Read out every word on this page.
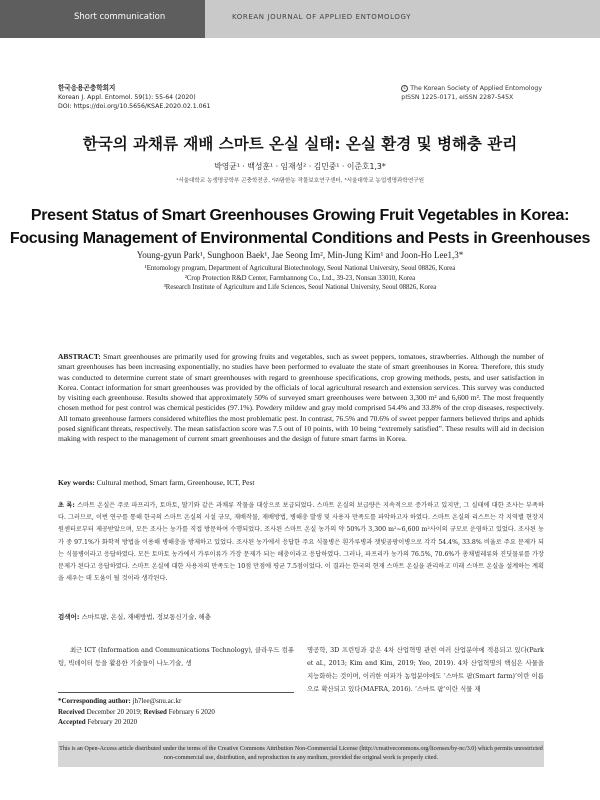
Short communication	KOREAN JOURNAL OF APPLIED ENTOMOLOGY
한국응용곤충학회지
Korean J. Appl. Entomol. 59(1): 55-64 (2020)
DOI: https://doi.org/10.5656/KSAE.2020.02.1.061
c The Korean Society of Applied Entomology
pISSN 1225-0171, eISSN 2287-545X
한국의 과채류 재배 스마트 온실 실태: 온실 환경 및 병해충 관리
박영균¹ · 백성훈¹ · 임재성² · 김민중¹ · 이준호1,3*
¹서울대학교 농생명공학부 곤충학전공, ²㈜팜한농 작물보호연구센터, ³서울대학교 농업생명과학연구원
Present Status of Smart Greenhouses Growing Fruit Vegetables in Korea:
Focusing Management of Environmental Conditions and Pests in Greenhouses
Young-gyun Park¹, Sunghoon Baek¹, Jae Seong Im², Min-Jung Kim¹ and Joon-Ho Lee1,3*
¹Entomology program, Department of Agricultural Biotechnology, Seoul National University, Seoul 08826, Korea
²Crop Protection R&D Center, Farmhannong Co., Ltd., 39-23, Nonsan 33010, Korea
³Research Institute of Agriculture and Life Sciences, Seoul National University, Seoul 08826, Korea
ABSTRACT: Smart greenhouses are primarily used for growing fruits and vegetables, such as sweet peppers, tomatoes, strawberries. Although the number of smart greenhouses has been increasing exponentially, no studies have been performed to evaluate the state of smart greenhouses in Korea. Therefore, this study was conducted to determine current state of smart greenhouses with regard to greenhouse specifications, crop growing methods, pests, and user satisfaction in Korea. Contact information for smart greenhouses was provided by the officials of local agricultural research and extension services. This survey was conducted by visiting each greenhouse. Results showed that approximately 50% of surveyed smart greenhouses were between 3,300 m² and 6,600 m². The most frequently chosen method for pest control was chemical pesticides (97.1%). Powdery mildew and gray mold comprised 54.4% and 33.8% of the crop diseases, respectively. All tomato greenhouse farmers considered whiteflies the most problematic pest. In contrast, 76.5% and 70.6% of sweet pepper farmers believed thrips and aphids posed significant threats, respectively. The mean satisfaction score was 7.5 out of 10 points, with 10 being “extremely satisfied”. These results will aid in decision making with respect to the management of current smart greenhouses and the design of future smart farms in Korea.
Key words: Cultural method, Smart farm, Greenhouse, ICT, Pest
초 록: 스마트 온실은 주로 파프리카, 토마토, 딸기와 같은 과채류 작물을 대상으로 보급되었다. 스마트 온실의 보급량은 지속적으로 증가하고 있지만, 그 실태에 대한 조사는 부족하다. 그러므로, 이번 연구를 통해 한국의 스마트 온실의 시설 규모, 재배작물, 재배방법, 병해충 발생 및 사용자 만족도를 파악하고자 하였다. 스마트 온실의 리스트는 각 지역별 현장지원센터로부터 제공받았으며, 모든 조사는 농가를 직접 방문하여 수행되었다. 조사된 스마트 온실 농가의 약 50%가 3,300 m²~6,600 m²사이의 규모로 운영하고 있었다. 조사된 농가 중 97.1%가 화학적 방법을 이용해 병해충을 방제하고 있었다. 조사된 농가에서 응답한 주요 식물병은 흰가루병과 잿빛곰팡이병으로 각각 54.4%, 33.8% 비율로 주요 문제가 되는 식물병이라고 응답하였다. 모든 토마토 농가에서 가루이류가 가장 문제가 되는 해충이라고 응답하였다. 그러나, 파프리카 농가의 76.5%, 70.6%가 총채벌레류와 진딧물류를 가장 문제가 된다고 응답하였다. 스마트 온실에 대한 사용자의 만족도는 10점 만점에 평균 7.5점이었다. 이 결과는 한국의 현재 스마트 온실을 관리하고 미래 스마트 온실을 설계하는 계획을 세우는 데 도움이 될 것이라 생각된다.
검색어: 스마트팜, 온실, 재배방법, 정보통신기술, 해충
최근 ICT (Information and Communications Technology), 클라우드 컴퓨팅, 빅데이터 등을 활용한 기술들이 나노기술, 생
명공학, 3D 프린팅과 같은 4차 산업혁명 관련 여러 산업분야에 적용되고 있다(Park et al., 2013; Kim and Kim, 2019; Yeo, 2019). 4차 산업혁명의 핵심은 사물을 지능화하는 것이며, 이러한 여파가 농업분야에도 ‘스마트 팜(Smart farm)’이란 이름으로 확산되고 있다(MAFRA, 2016). ‘스마트 팜’이란 식물 재
*Corresponding author: jh7lee@snu.ac.kr
Received December 20 2019; Revised February 6 2020
Accepted February 20 2020
This is an Open-Access article distributed under the terms of the Creative Commons Attribution Non-Commercial License (http://creativecommons.org/licenses/by-nc/3.0) which permits unrestricted non-commercial use, distribution, and reproduction in any medium, provided the original work is properly cited.
